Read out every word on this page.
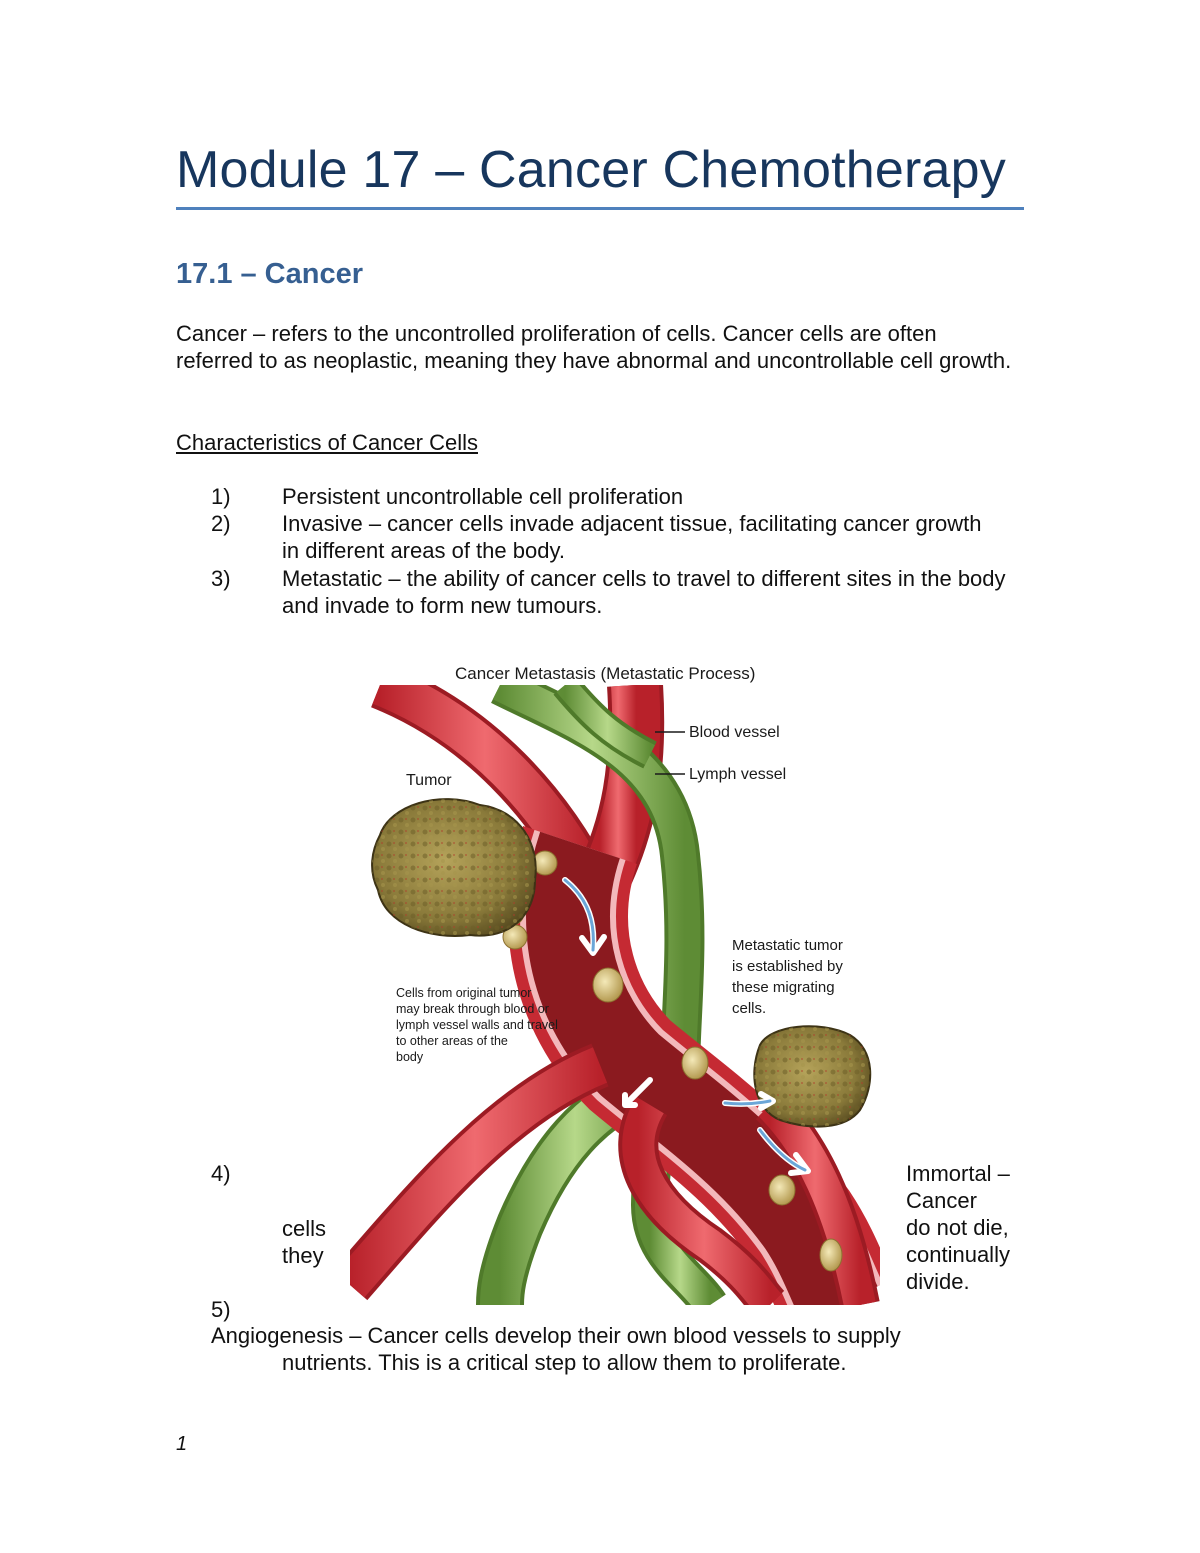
Module 17 – Cancer Chemotherapy
17.1 – Cancer
Cancer – refers to the uncontrolled proliferation of cells. Cancer cells are often referred to as neoplastic, meaning they have abnormal and uncontrollable cell growth.
Characteristics of Cancer Cells
1) Persistent uncontrollable cell proliferation
2) Invasive – cancer cells invade adjacent tissue, facilitating cancer growth in different areas of the body.
3) Metastatic – the ability of cancer cells to travel to different sites in the body and invade to form new tumours.
Cancer Metastasis (Metastatic Process)
Blood vessel
Lymph vessel
Tumor
Metastatic tumor
is established by
these migrating
cells.
Cells from original tumor
may break through blood or
lymph vessel walls and travel
to other areas of the
body
4)
cells
they
Immortal –
Cancer
do not die,
continually
divide.
5)
Angiogenesis – Cancer cells develop their own blood vessels to supply
nutrients. This is a critical step to allow them to proliferate.
1
